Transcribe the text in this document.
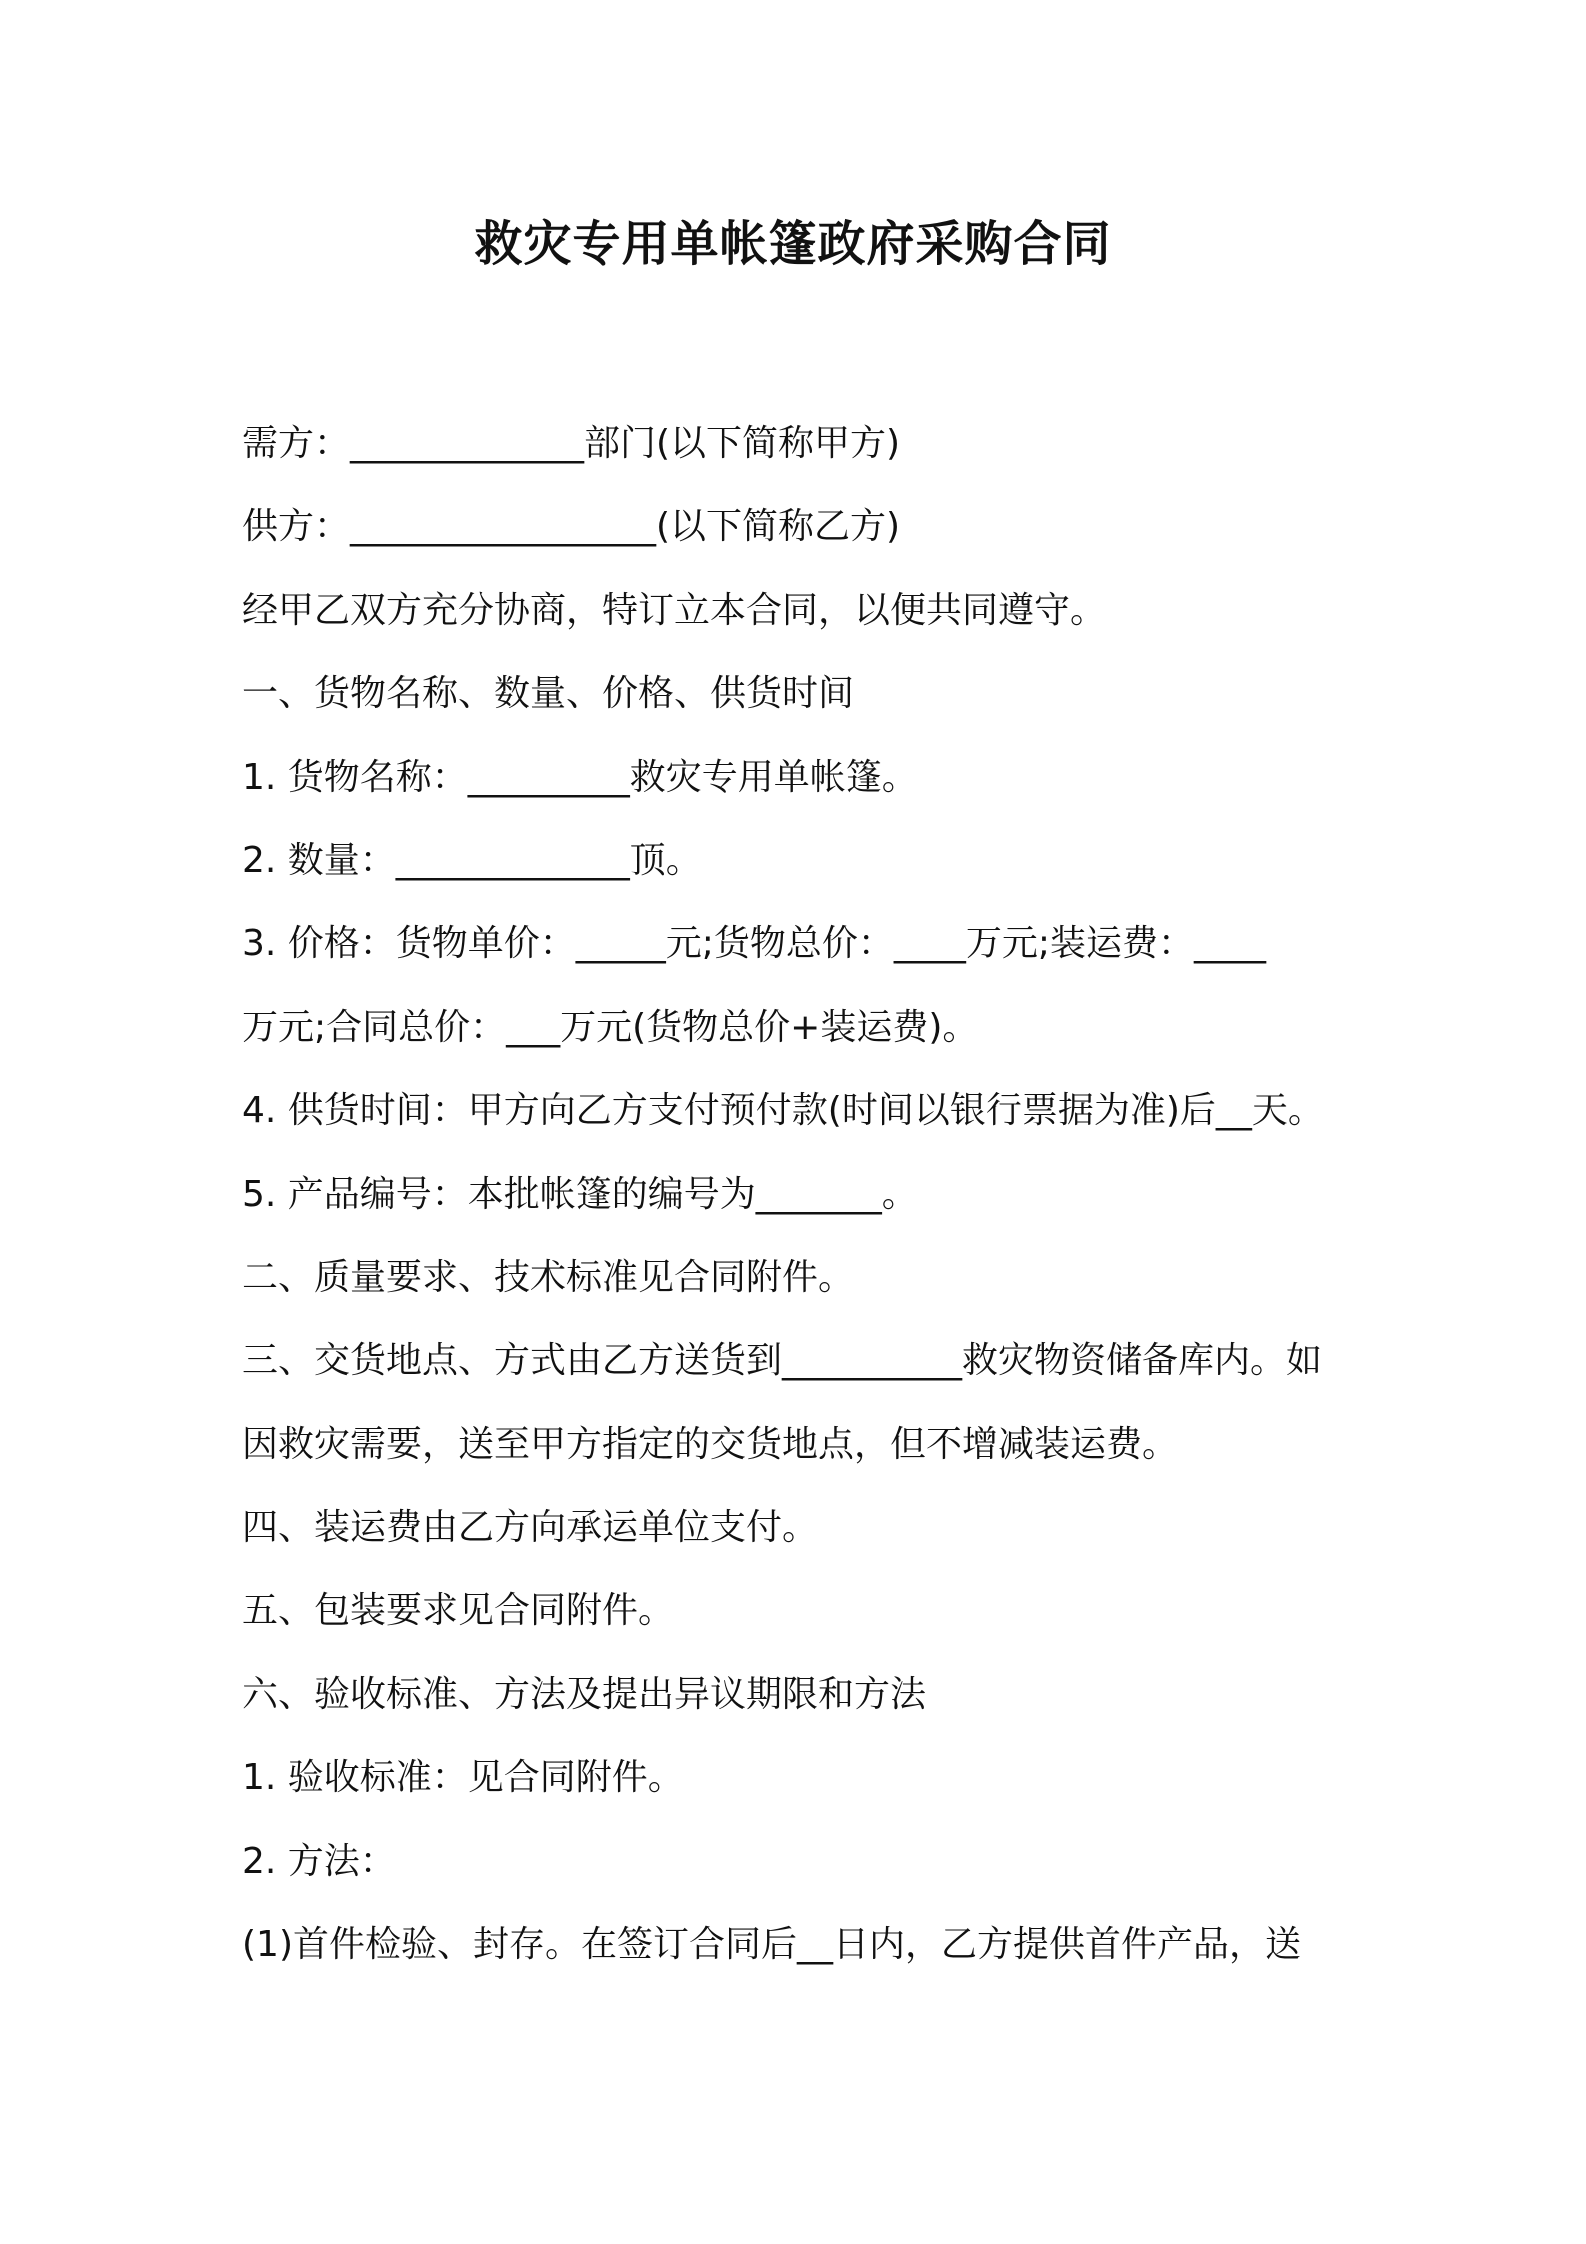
救灾专用单帐篷政府采购合同
需方：_____________部门(以下简称甲方)
供方：_________________(以下简称乙方)
经甲乙双方充分协商，特订立本合同，以便共同遵守。
一、货物名称、数量、价格、供货时间
1. 货物名称：_________救灾专用单帐篷。
2. 数量：_____________顶。
3. 价格：货物单价：_____元;货物总价：____万元;装运费：____
万元;合同总价：___万元(货物总价+装运费)。
4. 供货时间：甲方向乙方支付预付款(时间以银行票据为准)后__天。
5. 产品编号：本批帐篷的编号为_______。
二、质量要求、技术标准见合同附件。
三、交货地点、方式由乙方送货到__________救灾物资储备库内。如
因救灾需要，送至甲方指定的交货地点，但不增减装运费。
四、装运费由乙方向承运单位支付。
五、包装要求见合同附件。
六、验收标准、方法及提出异议期限和方法
1. 验收标准：见合同附件。
2. 方法：
(1)首件检验、封存。在签订合同后__日内，乙方提供首件产品，送
